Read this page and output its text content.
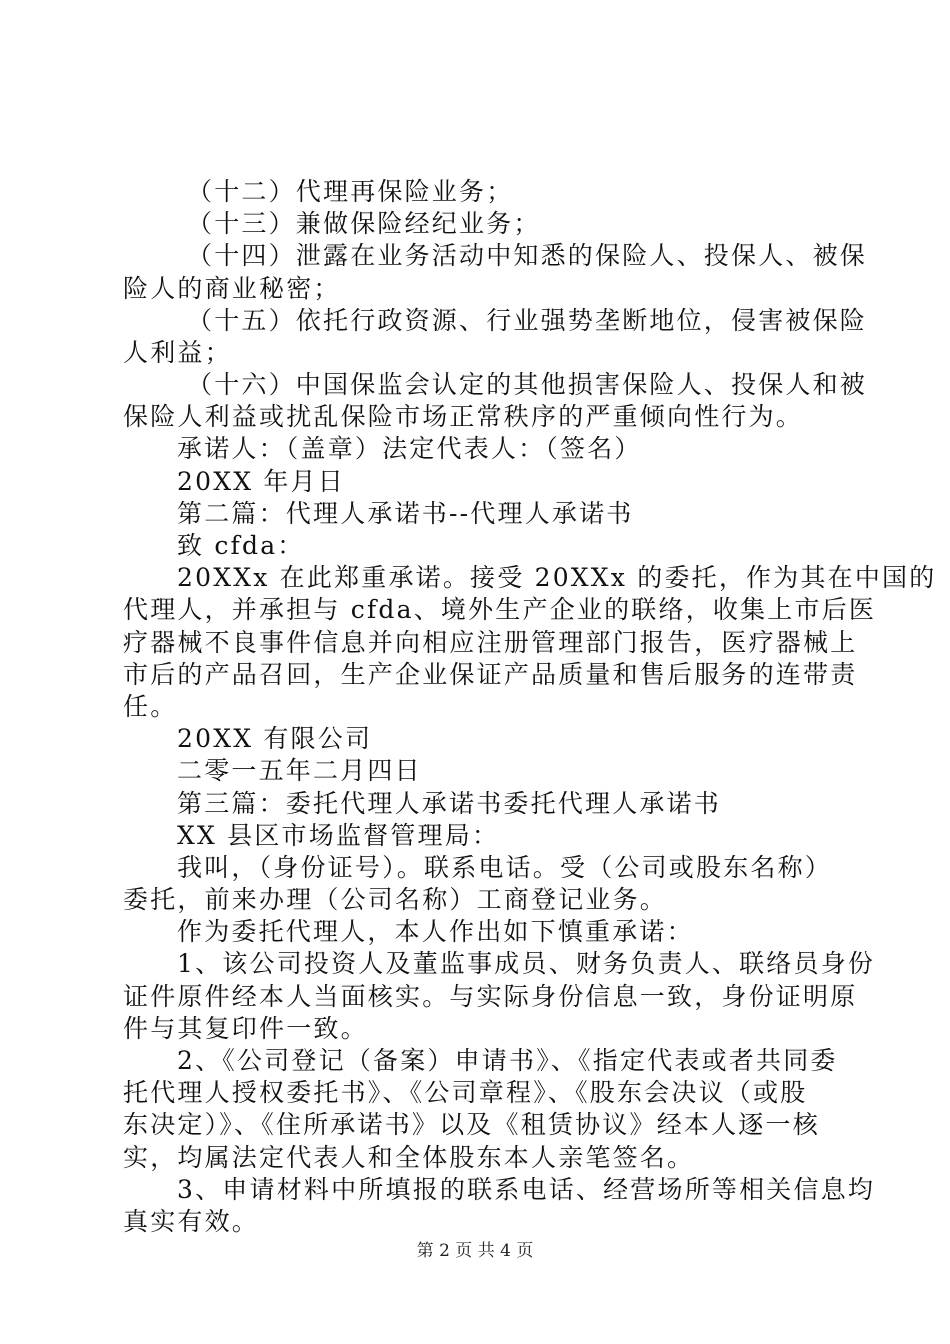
（十二）代理再保险业务；
（十三）兼做保险经纪业务；
（十四）泄露在业务活动中知悉的保险人、投保人、被保
险人的商业秘密；
（十五）依托行政资源、行业强势垄断地位，侵害被保险
人利益；
（十六）中国保监会认定的其他损害保险人、投保人和被
保险人利益或扰乱保险市场正常秩序的严重倾向性行为。
承诺人：（盖章）法定代表人：（签名）
20XX 年月日
第二篇：代理人承诺书--代理人承诺书
致 cfda：
20XXx 在此郑重承诺。接受 20XXx 的委托，作为其在中国的
代理人，并承担与 cfda、境外生产企业的联络，收集上市后医
疗器械不良事件信息并向相应注册管理部门报告，医疗器械上
市后的产品召回，生产企业保证产品质量和售后服务的连带责
任。
20XX 有限公司
二零一五年二月四日
第三篇：委托代理人承诺书委托代理人承诺书
XX 县区市场监督管理局：
我叫，（身份证号）。联系电话。受（公司或股东名称）
委托，前来办理（公司名称）工商登记业务。
作为委托代理人，本人作出如下慎重承诺：
1、该公司投资人及董监事成员、财务负责人、联络员身份
证件原件经本人当面核实。与实际身份信息一致，身份证明原
件与其复印件一致。
2、《公司登记（备案）申请书》、《指定代表或者共同委
托代理人授权委托书》、《公司章程》、《股东会决议（或股
东决定）》、《住所承诺书》以及《租赁协议》经本人逐一核
实，均属法定代表人和全体股东本人亲笔签名。
3、申请材料中所填报的联系电话、经营场所等相关信息均
真实有效。
第 2 页 共 4 页
